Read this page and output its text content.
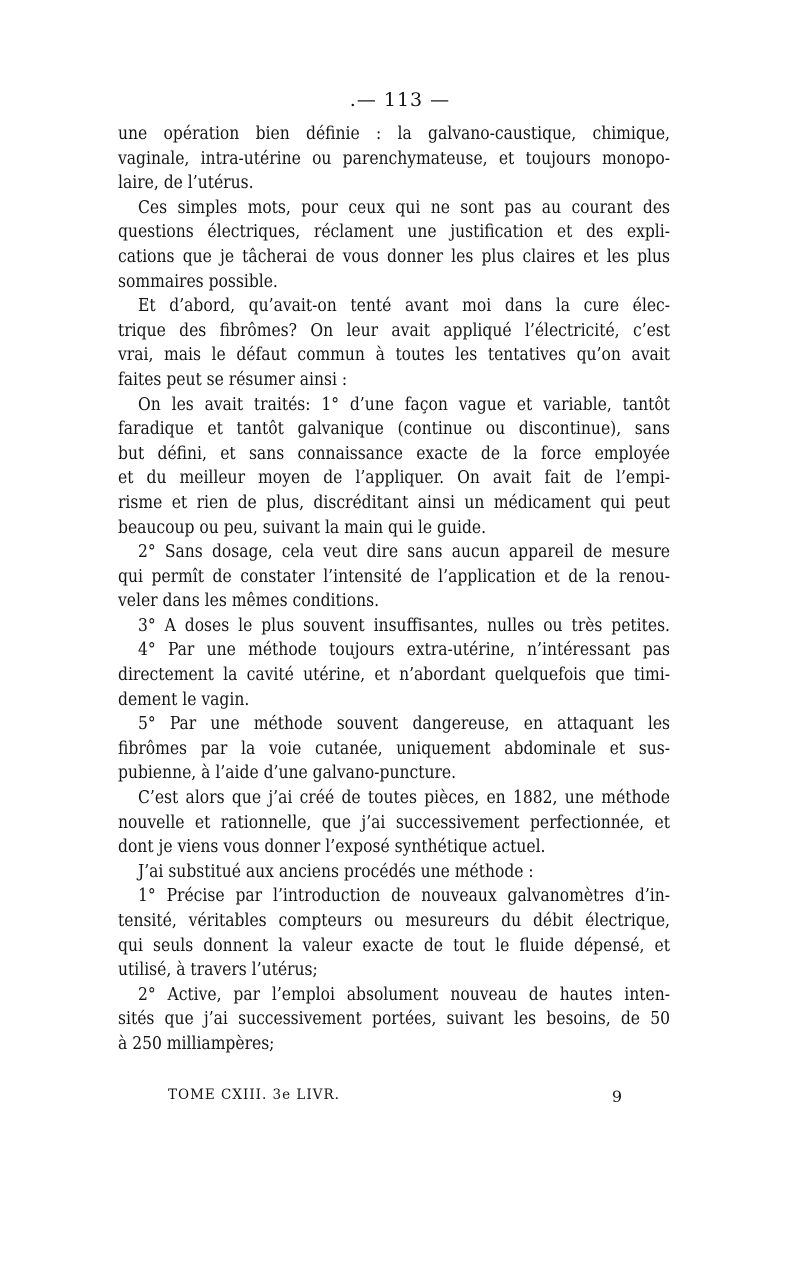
.— 113 —
une opération bien définie : la galvano-caustique, chimique,
vaginale, intra-utérine ou parenchymateuse, et toujours monopo-
laire, de l’utérus.
Ces simples mots, pour ceux qui ne sont pas au courant des
questions électriques, réclament une justification et des expli-
cations que je tâcherai de vous donner les plus claires et les plus
sommaires possible.
Et d’abord, qu’avait-on tenté avant moi dans la cure élec-
trique des fibrômes? On leur avait appliqué l’électricité, c’est
vrai, mais le défaut commun à toutes les tentatives qu’on avait
faites peut se résumer ainsi :
On les avait traités: 1° d’une façon vague et variable, tantôt
faradique et tantôt galvanique (continue ou discontinue), sans
but défini, et sans connaissance exacte de la force employée
et du meilleur moyen de l’appliquer. On avait fait de l’empi-
risme et rien de plus, discréditant ainsi un médicament qui peut
beaucoup ou peu, suivant la main qui le guide.
2° Sans dosage, cela veut dire sans aucun appareil de mesure
qui permît de constater l’intensité de l’application et de la renou-
veler dans les mêmes conditions.
3° A doses le plus souvent insuffisantes, nulles ou très petites.
4° Par une méthode toujours extra-utérine, n’intéressant pas
directement la cavité utérine, et n’abordant quelquefois que timi-
dement le vagin.
5° Par une méthode souvent dangereuse, en attaquant les
fibrômes par la voie cutanée, uniquement abdominale et sus-
pubienne, à l’aide d’une galvano-puncture.
C’est alors que j’ai créé de toutes pièces, en 1882, une méthode
nouvelle et rationnelle, que j’ai successivement perfectionnée, et
dont je viens vous donner l’exposé synthétique actuel.
J’ai substitué aux anciens procédés une méthode :
1° Précise par l’introduction de nouveaux galvanomètres d’in-
tensité, véritables compteurs ou mesureurs du débit électrique,
qui seuls donnent la valeur exacte de tout le fluide dépensé, et
utilisé, à travers l’utérus;
2° Active, par l’emploi absolument nouveau de hautes inten-
sités que j’ai successivement portées, suivant les besoins, de 50
à 250 milliampères;
TOME CXIII. 3e LIVR.	9
